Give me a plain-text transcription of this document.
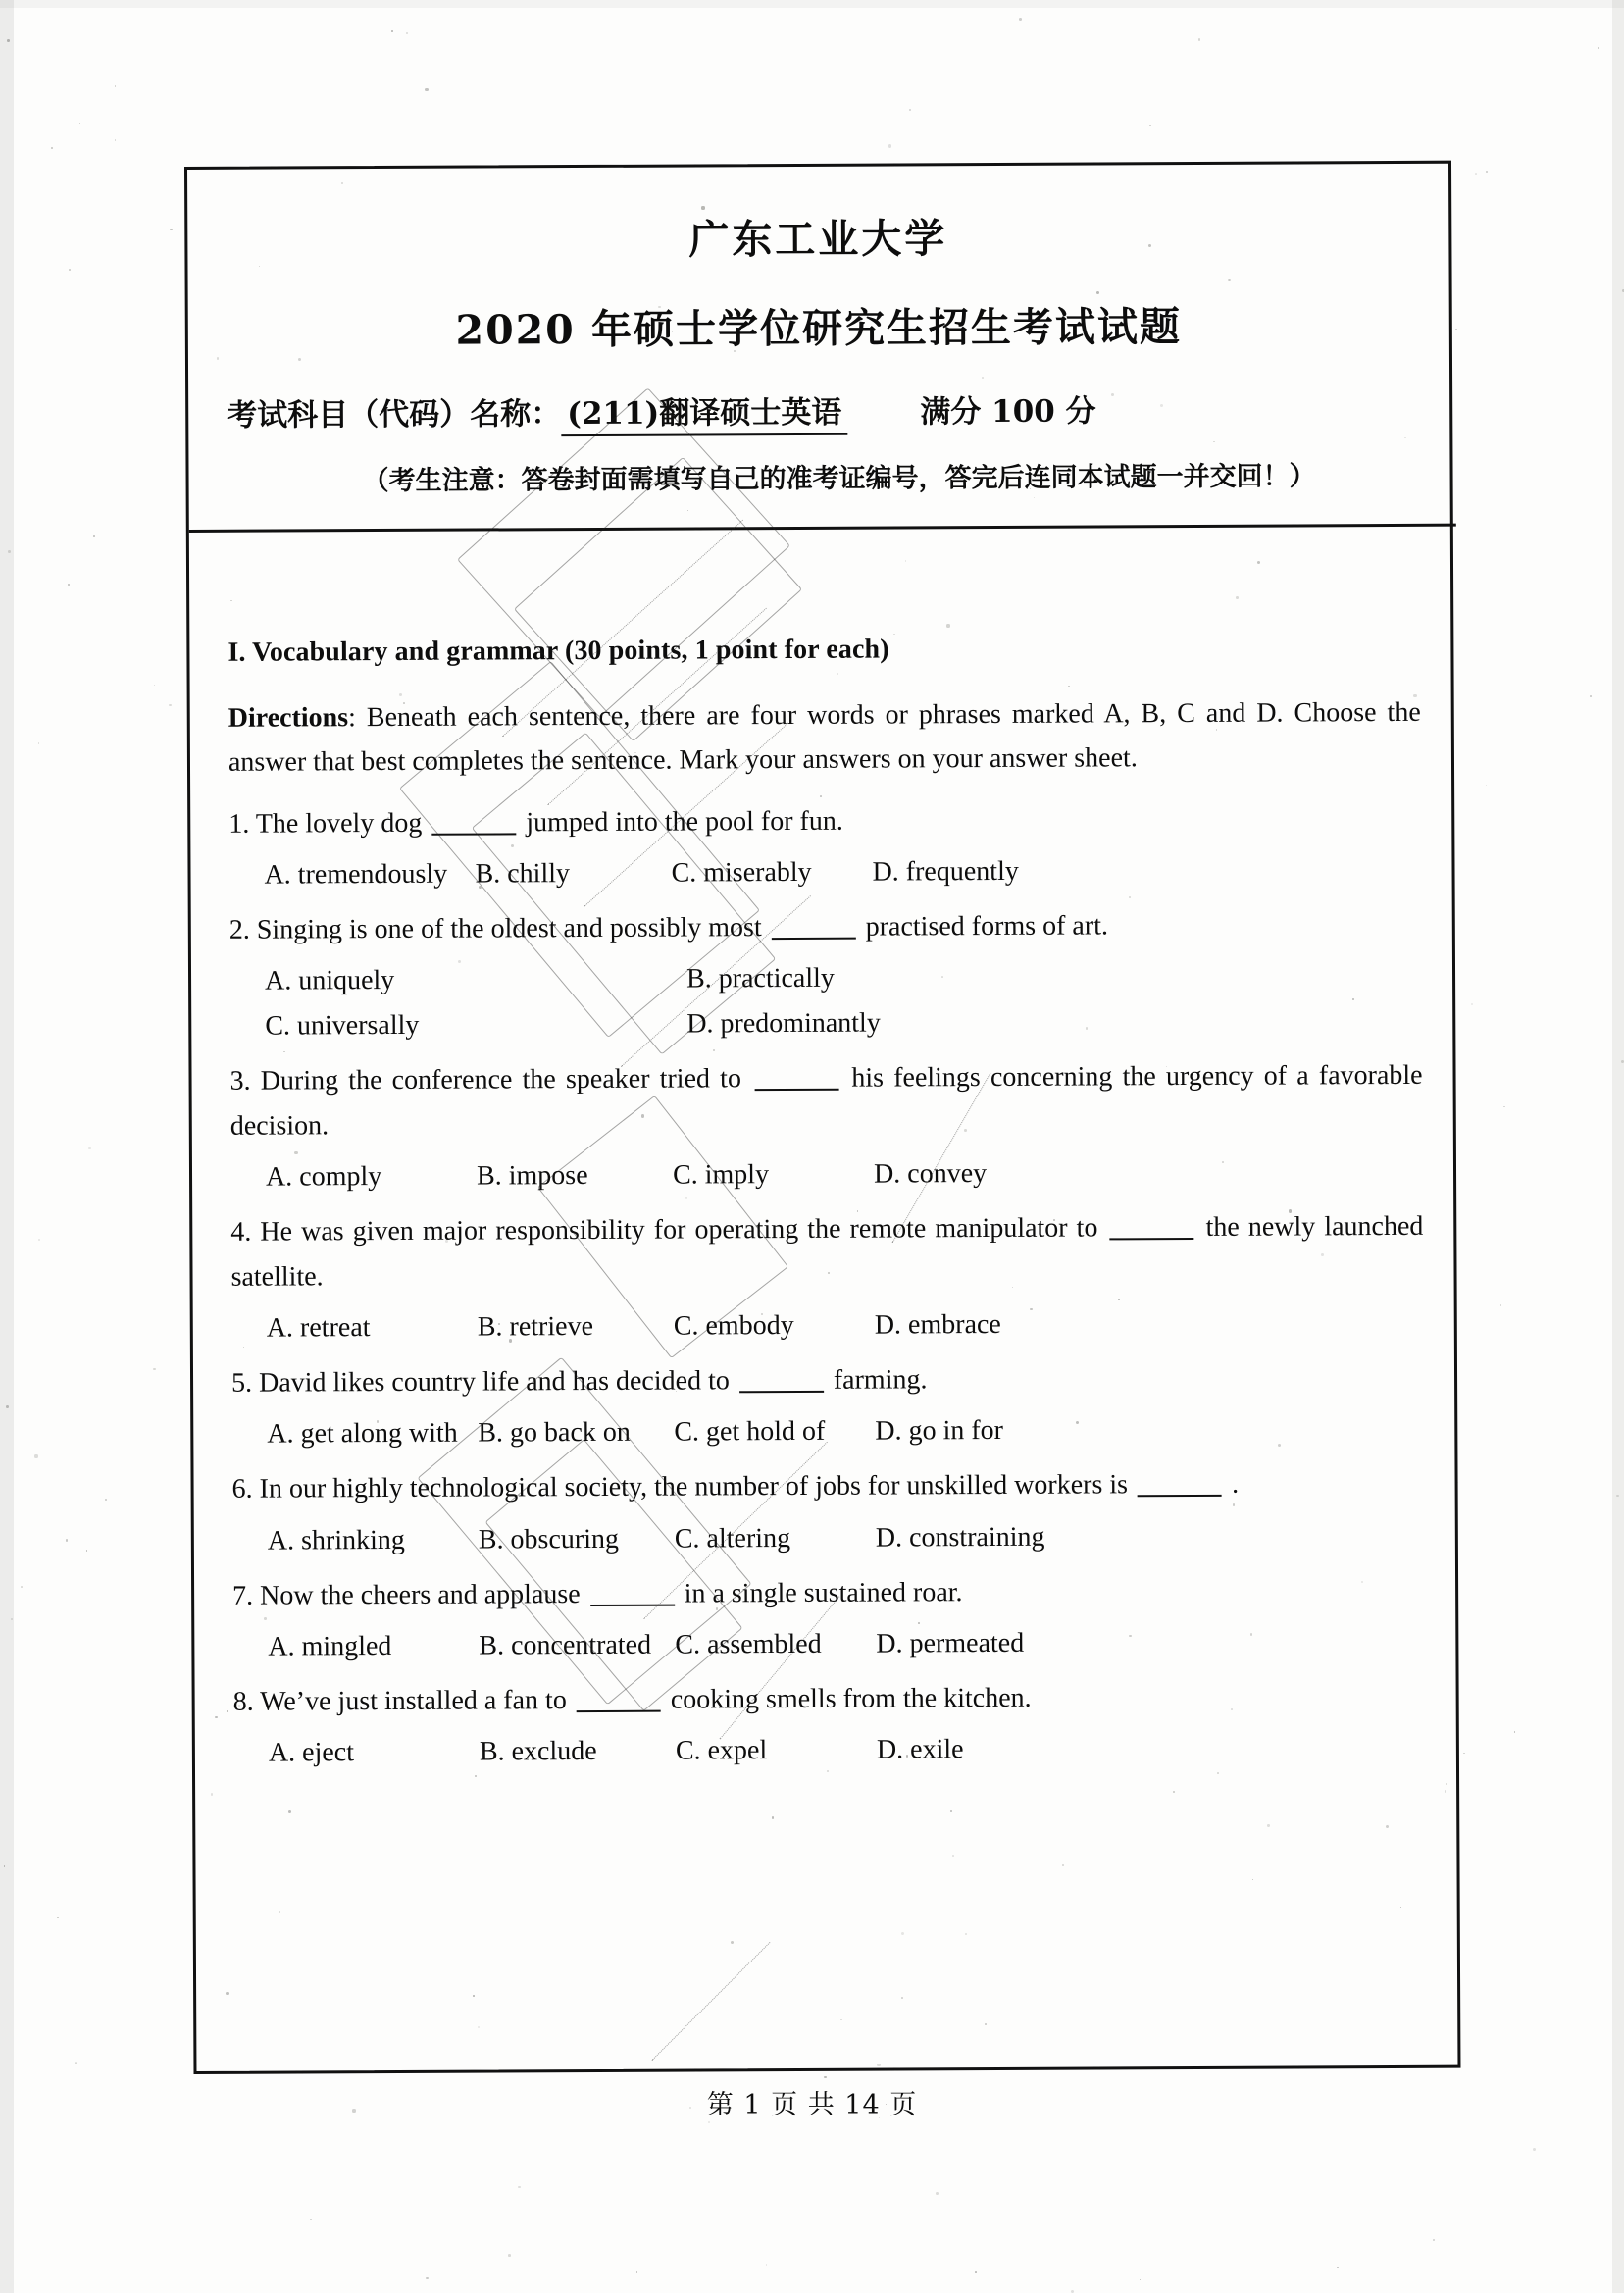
广东工业大学
2020 年硕士学位研究生招生考试试题
考试科目（代码）名称： (211)翻译硕士英语	满分 100 分
（考生注意：答卷封面需填写自己的准考证编号，答完后连同本试题一并交回！）
I. Vocabulary and grammar (30 points, 1 point for each)
Directions: Beneath each sentence, there are four words or phrases marked A, B, C and D. Choose the answer that best completes the sentence. Mark your answers on your answer sheet.
1. The lovely dog	jumped into the pool for fun.
A. tremendously	B. chilly	C. miserably	D. frequently
2. Singing is one of the oldest and possibly most	practised forms of art.
A. uniquely	B. practically
C. universally	D. predominantly
3. During the conference the speaker tried to	his feelings concerning the urgency of a favorable decision.
A. comply	B. impose	C. imply	D. convey
4. He was given major responsibility for operating the remote manipulator to	the newly launched satellite.
A. retreat	B. retrieve	C. embody	D. embrace
5. David likes country life and has decided to	farming.
A. get along with B. go back on	C. get hold of	D. go in for
6. In our highly technological society, the number of jobs for unskilled workers is	.
A. shrinking	B. obscuring	C. altering	D. constraining
7. Now the cheers and applause	in a single sustained roar.
A. mingled	B. concentrated C. assembled	D. permeated
8. We’ve just installed a fan to	cooking smells from the kitchen.
A. eject	B. exclude	C. expel	D. exile
第 1 页 共 14 页
